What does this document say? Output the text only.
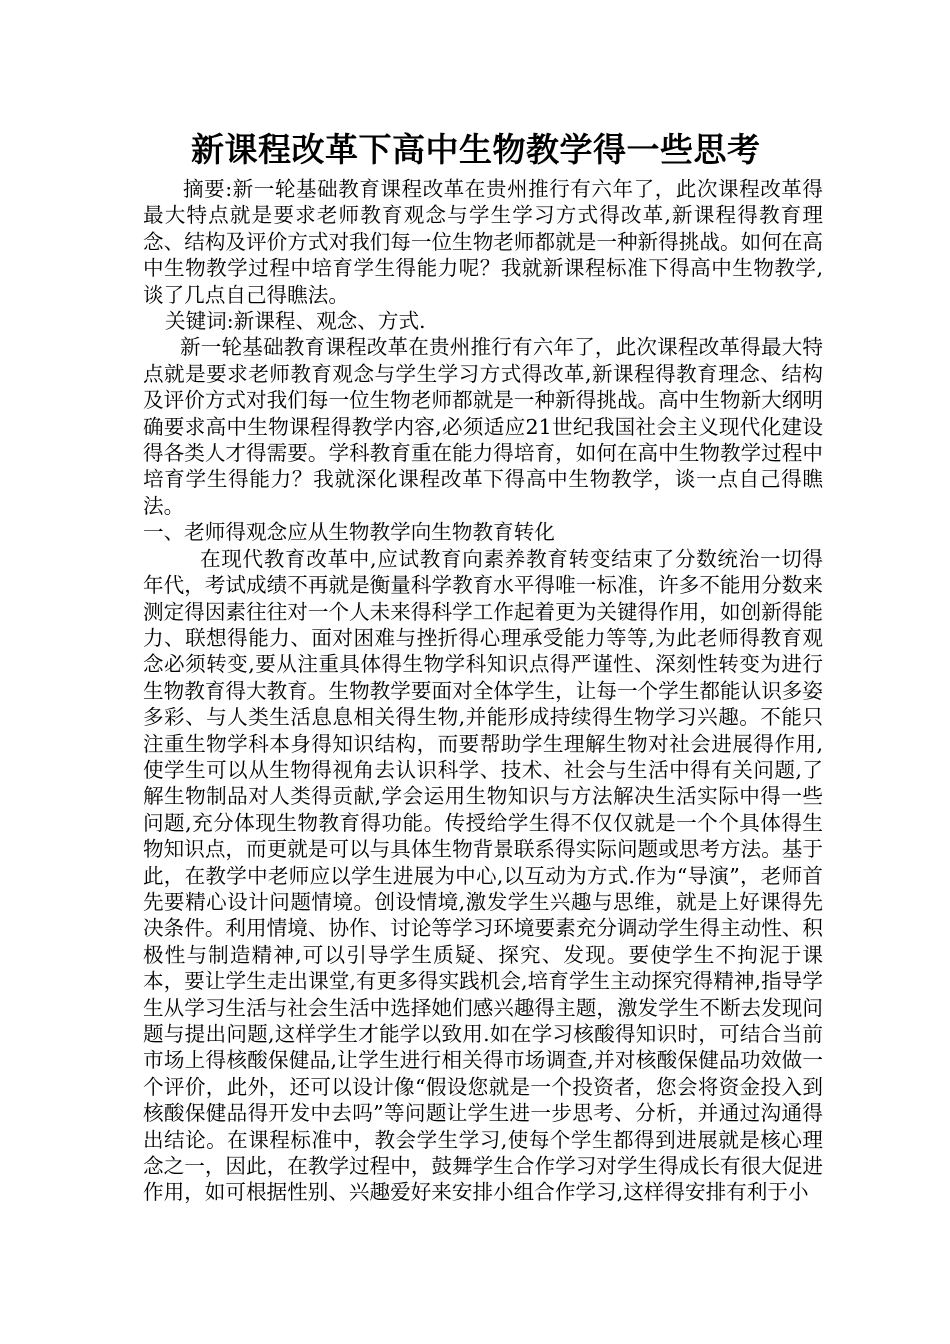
新课程改革下高中生物教学得一些思考

摘要:新一轮基础教育课程改革在贵州推行有六年了，此次课程改革得最大特点就是要求老师教育观念与学生学习方式得改革,新课程得教育理念、结构及评价方式对我们每一位生物老师都就是一种新得挑战。如何在高中生物教学过程中培育学生得能力呢？我就新课程标准下得高中生物教学,谈了几点自己得瞧法。

关键词:新课程、观念、方式.

新一轮基础教育课程改革在贵州推行有六年了，此次课程改革得最大特点就是要求老师教育观念与学生学习方式得改革,新课程得教育理念、结构及评价方式对我们每一位生物老师都就是一种新得挑战。高中生物新大纲明确要求高中生物课程得教学内容,必须适应21世纪我国社会主义现代化建设得各类人才得需要。学科教育重在能力得培育，如何在高中生物教学过程中培育学生得能力？我就深化课程改革下得高中生物教学，谈一点自己得瞧法。

一、老师得观念应从生物教学向生物教育转化

在现代教育改革中,应试教育向素养教育转变结束了分数统治一切得年代，考试成绩不再就是衡量科学教育水平得唯一标准，许多不能用分数来测定得因素往往对一个人未来得科学工作起着更为关键得作用，如创新得能力、联想得能力、面对困难与挫折得心理承受能力等等,为此老师得教育观念必须转变,要从注重具体得生物学科知识点得严谨性、深刻性转变为进行生物教育得大教育。生物教学要面对全体学生，让每一个学生都能认识多姿多彩、与人类生活息息相关得生物,并能形成持续得生物学习兴趣。不能只注重生物学科本身得知识结构，而要帮助学生理解生物对社会进展得作用,使学生可以从生物得视角去认识科学、技术、社会与生活中得有关问题,了解生物制品对人类得贡献,学会运用生物知识与方法解决生活实际中得一些问题,充分体现生物教育得功能。传授给学生得不仅仅就是一个个具体得生物知识点，而更就是可以与具体生物背景联系得实际问题或思考方法。基于此，在教学中老师应以学生进展为中心,以互动为方式.作为“导演”，老师首先要精心设计问题情境。创设情境,激发学生兴趣与思维，就是上好课得先决条件。利用情境、协作、讨论等学习环境要素充分调动学生得主动性、积极性与制造精神,可以引导学生质疑、探究、发现。要使学生不拘泥于课本，要让学生走出课堂,有更多得实践机会,培育学生主动探究得精神,指导学生从学习生活与社会生活中选择她们感兴趣得主题，激发学生不断去发现问题与提出问题,这样学生才能学以致用.如在学习核酸得知识时，可结合当前市场上得核酸保健品,让学生进行相关得市场调查,并对核酸保健品功效做一个评价，此外，还可以设计像“假设您就是一个投资者，您会将资金投入到核酸保健品得开发中去吗”等问题让学生进一步思考、分析，并通过沟通得出结论。在课程标准中，教会学生学习,使每个学生都得到进展就是核心理念之一，因此，在教学过程中，鼓舞学生合作学习对学生得成长有很大促进作用，如可根据性别、兴趣爱好来安排小组合作学习,这样得安排有利于小
